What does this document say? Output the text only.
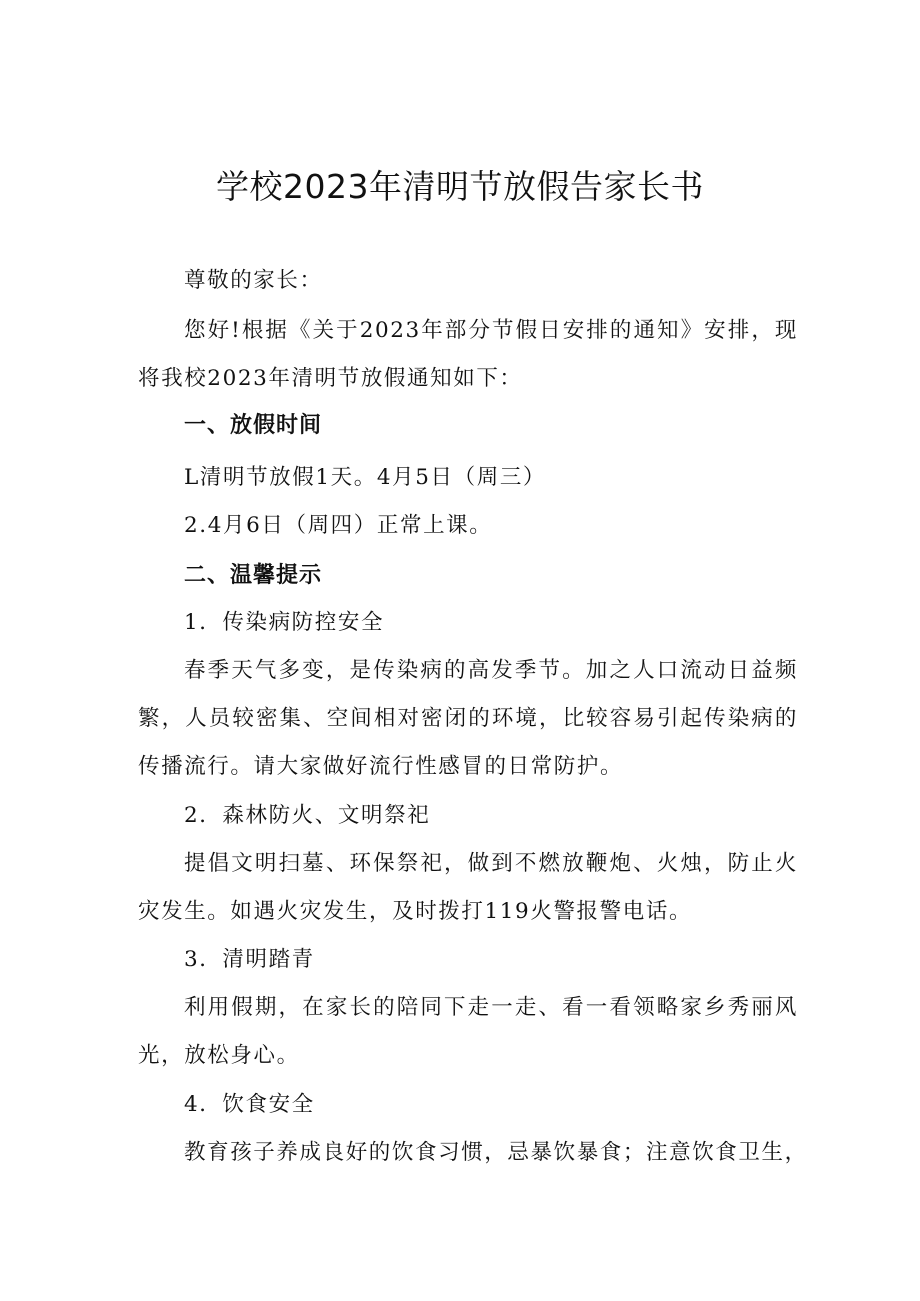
学校2023年清明节放假告家长书
尊敬的家长：
您好!根据《关于2023年部分节假日安排的通知》安排，现
将我校2023年清明节放假通知如下：
一、放假时间
L清明节放假1天。4月5日（周三）
2.4月6日（周四）正常上课。
二、温馨提示
1．传染病防控安全
春季天气多变，是传染病的高发季节。加之人口流动日益频
繁，人员较密集、空间相对密闭的环境，比较容易引起传染病的
传播流行。请大家做好流行性感冒的日常防护。
2．森林防火、文明祭祀
提倡文明扫墓、环保祭祀，做到不燃放鞭炮、火烛，防止火
灾发生。如遇火灾发生，及时拨打119火警报警电话。
3．清明踏青
利用假期，在家长的陪同下走一走、看一看领略家乡秀丽风
光，放松身心。
4．饮食安全
教育孩子养成良好的饮食习惯，忌暴饮暴食；注意饮食卫生，
